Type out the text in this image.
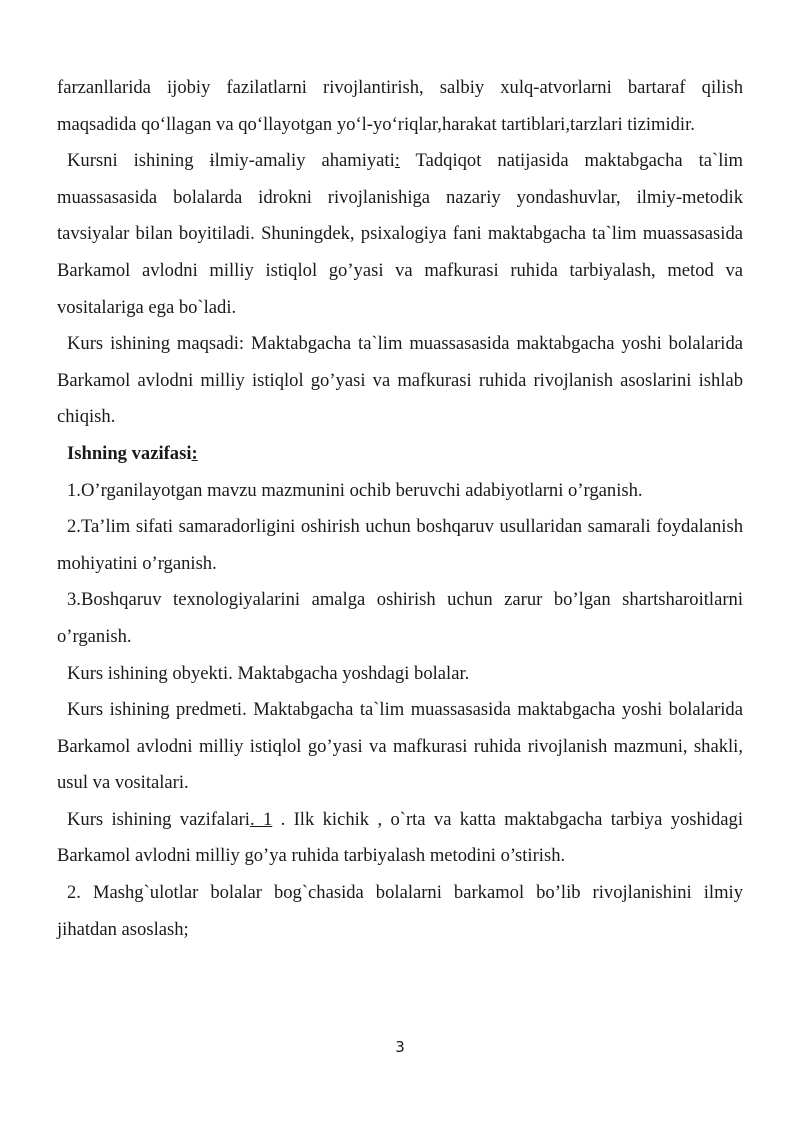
farzanllarida ijobiy fazilatlarni rivojlantirish, salbiy xulq-atvorlarni bartaraf qilish maqsadida qo‘llagan va qo‘llayotgan yo‘l-yo‘riqlar,harakat tartiblari,tarzlari tizimidir.

Kursni ishining ɨlmiy-amaliy ahamiyati: Tadqiqot natijasida maktabgacha ta`lim muassasasida bolalarda idrokni rivojlanishiga nazariy yondashuvlar, ilmiy-metodik tavsiyalar bilan boyitiladi. Shuningdek, psixalogiya fani maktabgacha ta`lim muassasasida Barkamol avlodni milliy istiqlol go’yasi va mafkurasi ruhida tarbiyalash, metod va vositalariga ega bo`ladi.

Kurs ishining maqsadi: Maktabgacha ta`lim muassasasida maktabgacha yoshi bolalarida Barkamol avlodni milliy istiqlol go’yasi va mafkurasi ruhida rivojlanish asoslarini ishlab chiqish.

Ishning vazifasi:

1.O’rganilayotgan mavzu mazmunini ochib beruvchi adabiyotlarni o’rganish.

2.Ta’lim sifati samaradorligini oshirish uchun boshqaruv usullaridan samarali foydalanish mohiyatini o’rganish.

3.Boshqaruv texnologiyalarini amalga oshirish uchun zarur bo’lgan shartsharoitlarni o’rganish.

Kurs ishining obyekti. Maktabgacha yoshdagi bolalar.

Kurs ishining predmeti. Maktabgacha ta`lim muassasasida maktabgacha yoshi bolalarida Barkamol avlodni milliy istiqlol go’yasi va mafkurasi ruhida rivojlanish mazmuni, shakli, usul va vositalari.

Kurs ishining vazifalari. 1 . Ilk kichik , o`rta va katta maktabgacha tarbiya yoshidagi Barkamol avlodni milliy go’ya ruhida tarbiyalash metodini o’stirish.

2. Mashg`ulotlar bolalar bog`chasida bolalarni barkamol bo’lib rivojlanishini ilmiy jihatdan asoslash;

3
